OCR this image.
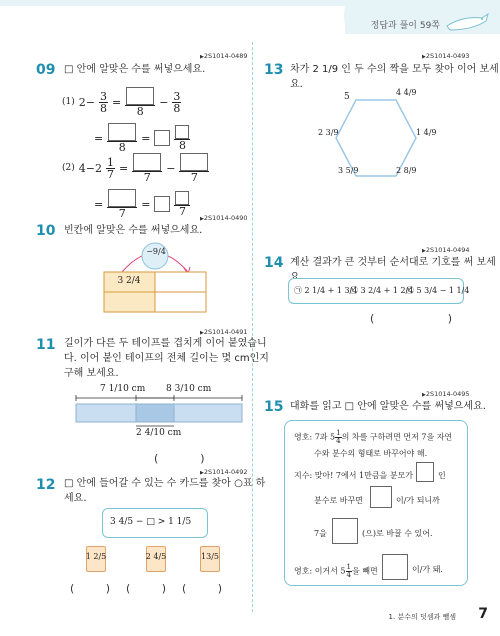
정답과 풀이 59쪽
▶ 2S1014-0489
09 □ 안에 알맞은 수를 써넣으세요.
(1) $2- \frac{3}{8}$ =
8
− $\frac{3}{8}$
=
8
=
8
(2) $4-2 \frac{1}{7}$ =
7
−
7
=
7
=
7
▶	2S1014-0490
10 빈칸에 알맞은 수를 써넣으세요.
−9/4
3 2/4
▶ 2S1014-0491
11 길이가 다른 두 테이프를 겹치게 이어 붙였습니
다. 이어 붙인 테이프의 전체 길이는 몇 cm인지
구해 보세요.
7 1/10 cm 8 3/10 cm
2 4/10 cm
(            )
▶ 2S1014-0492
12 □ 안에 들어갈 수 있는 수 카드를 찾아 ○표 하
세요.
3 4/5 − □ > 1 1/5
1 2/5	2 4/5	13/5
(         ) (         ) (         )
▶ 2S1014-0493
13 차가 2 1/9 인 두 수의 짝을 모두 찾아 이어 보세요.
5	4 4/9
1 4/9
2 8/9
3 5/9
2 3/9
▶ 2S1014-0494
14 계산 결과가 큰 것부터 순서대로 기호를 써 보세
㉠ 2 1/4 + 1 3/4
㉡ 3 2/4 + 1 2/4
㉢ 5 3/4 − 1 1/4
(                     )
▶ 2S1014-0495
15 대화를 읽고 □ 안에 알맞은 수를 써넣으세요.
영호: 7과 $5 \frac{1}{4}$ 의 차를 구하려면 먼저 7을 자연
수와 분수의 형태로 바꾸어야 해.
지수: 맞아! 7에서 1만큼을 분모가	인
분수로 바꾸면	이/가 되니까
7을	(으)로 바꿀 수 있어.
영호: 이거서 $5 \frac{1}{4}$ 을 빼면	이/가 돼.
1. 분수의 덧셈과 뺄셈 7
